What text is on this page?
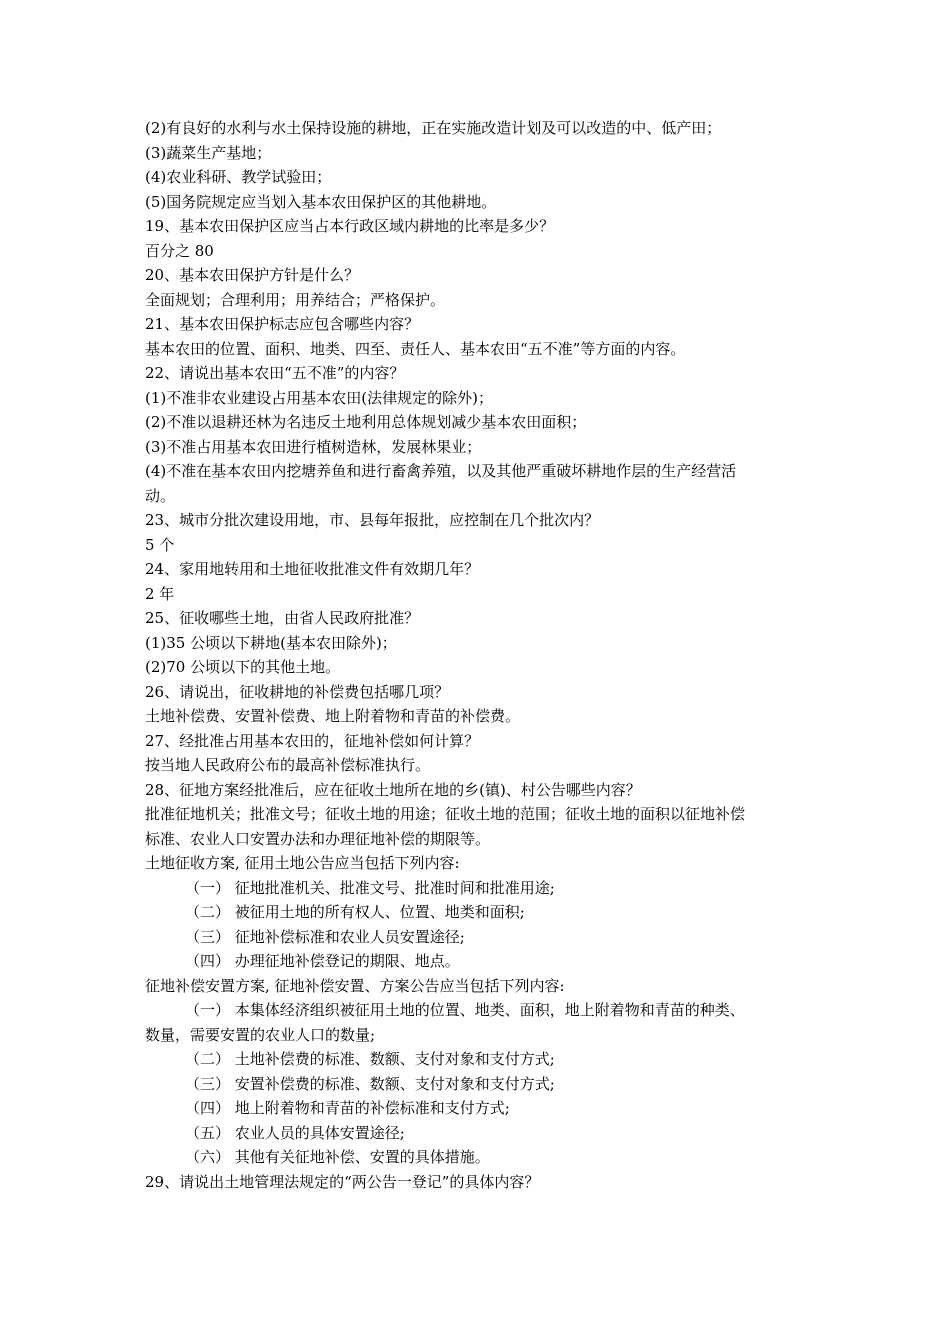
(2)有良好的水利与水土保持设施的耕地，正在实施改造计划及可以改造的中、低产田；
(3)蔬菜生产基地；
(4)农业科研、教学试验田；
(5)国务院规定应当划入基本农田保护区的其他耕地。
19、基本农田保护区应当占本行政区域内耕地的比率是多少？
百分之 80
20、基本农田保护方针是什么？
全面规划；合理利用；用养结合；严格保护。
21、基本农田保护标志应包含哪些内容？
基本农田的位置、面积、地类、四至、责任人、基本农田“五不准”等方面的内容。
22、请说出基本农田“五不准”的内容？
(1)不准非农业建设占用基本农田(法律规定的除外)；
(2)不准以退耕还林为名违反土地利用总体规划减少基本农田面积；
(3)不准占用基本农田进行植树造林，发展林果业；
(4)不准在基本农田内挖塘养鱼和进行畜禽养殖，以及其他严重破坏耕地作层的生产经营活
动。
23、城市分批次建设用地，市、县每年报批，应控制在几个批次内？
5 个
24、家用地转用和土地征收批准文件有效期几年？
2 年
25、征收哪些土地，由省人民政府批准？
(1)35 公顷以下耕地(基本农田除外)；
(2)70 公顷以下的其他土地。
26、请说出，征收耕地的补偿费包括哪几项？
土地补偿费、安置补偿费、地上附着物和青苗的补偿费。
27、经批准占用基本农田的，征地补偿如何计算？
按当地人民政府公布的最高补偿标准执行。
28、征地方案经批准后，应在征收土地所在地的乡(镇)、村公告哪些内容？
批准征地机关；批准文号；征收土地的用途；征收土地的范围；征收土地的面积以征地补偿
标准、农业人口安置办法和办理征地补偿的期限等。
土地征收方案, 征用土地公告应当包括下列内容:
（一） 征地批准机关、批准文号、批准时间和批准用途;
（二） 被征用土地的所有权人、位置、地类和面积;
（三） 征地补偿标准和农业人员安置途径;
（四） 办理征地补偿登记的期限、地点。
征地补偿安置方案, 征地补偿安置、方案公告应当包括下列内容:
（一） 本集体经济组织被征用土地的位置、地类、面积，地上附着物和青苗的种类、
数量，需要安置的农业人口的数量;
（二） 土地补偿费的标准、数额、支付对象和支付方式;
（三） 安置补偿费的标准、数额、支付对象和支付方式;
（四） 地上附着物和青苗的补偿标准和支付方式;
（五） 农业人员的具体安置途径;
（六） 其他有关征地补偿、安置的具体措施。
29、请说出土地管理法规定的“两公告一登记”的具体内容？
